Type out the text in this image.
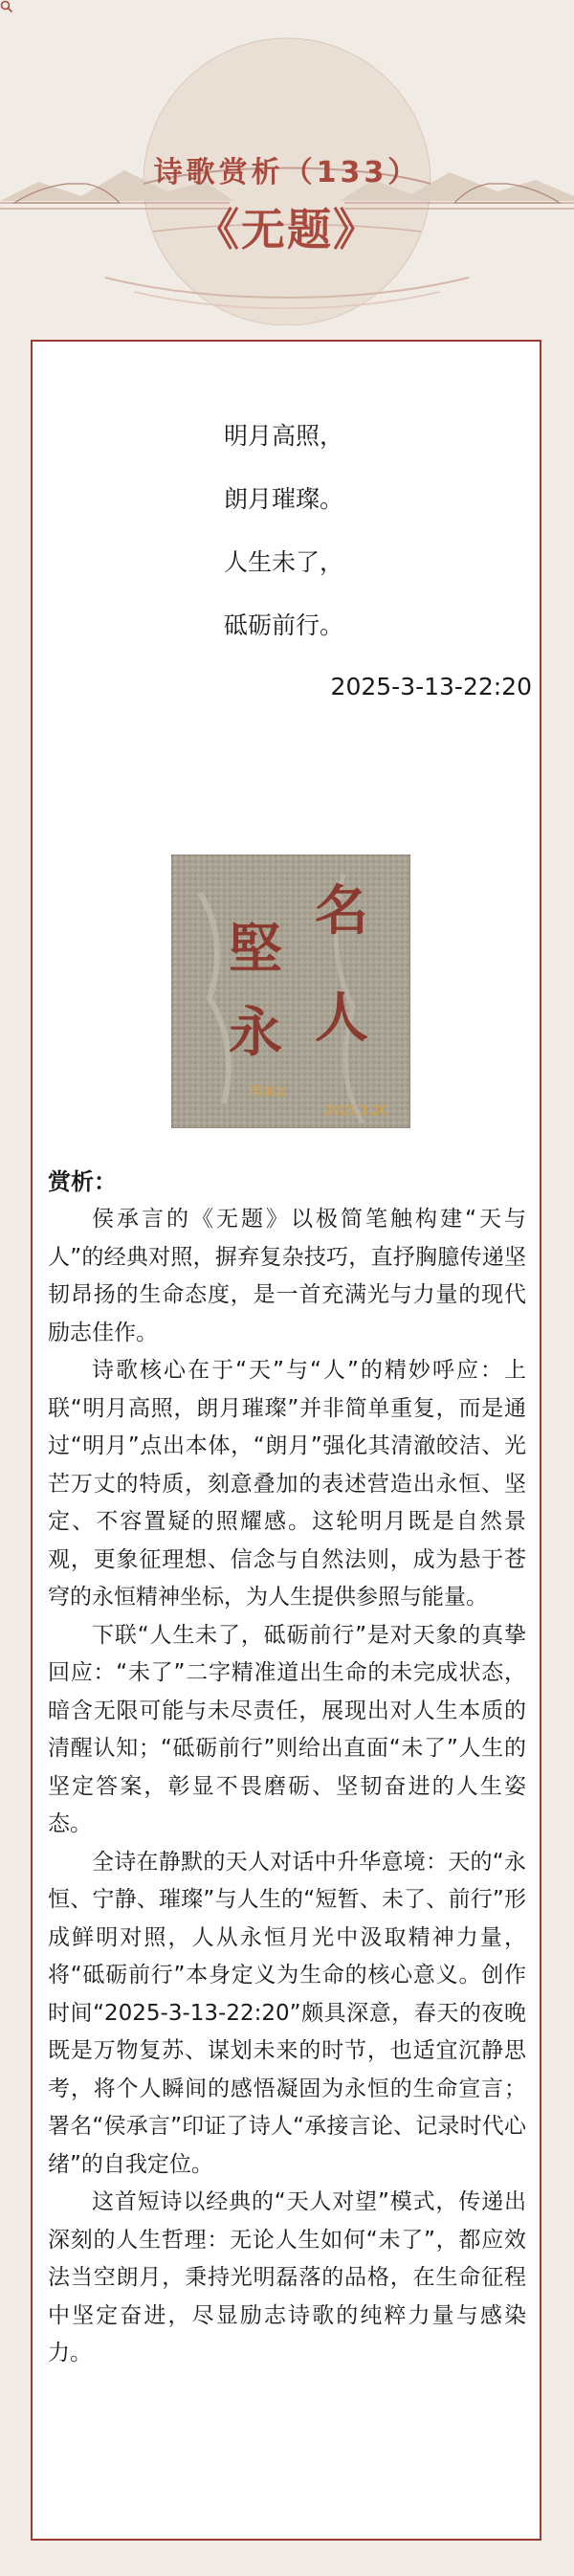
诗歌赏析（133）
《无题》
明月高照，
朗月璀璨。
人生未了，
砥砺前行。
2025-3-13-22:20
名
堅
人
永
侯承言
2025.3.20
赏析：

侯承言的《无题》以极简笔触构建“天与人”的经典对照，摒弃复杂技巧，直抒胸臆传递坚韧昂扬的生命态度，是一首充满光与力量的现代励志佳作。

诗歌核心在于“天”与“人”的精妙呼应：上联“明月高照，朗月璀璨”并非简单重复，而是通过“明月”点出本体，“朗月”强化其清澈皎洁、光芒万丈的特质，刻意叠加的表述营造出永恒、坚定、不容置疑的照耀感。这轮明月既是自然景观，更象征理想、信念与自然法则，成为悬于苍穹的永恒精神坐标，为人生提供参照与能量。

下联“人生未了，砥砺前行”是对天象的真挚回应：“未了”二字精准道出生命的未完成状态，暗含无限可能与未尽责任，展现出对人生本质的清醒认知；“砥砺前行”则给出直面“未了”人生的坚定答案，彰显不畏磨砺、坚韧奋进的人生姿态。

全诗在静默的天人对话中升华意境：天的“永恒、宁静、璀璨”与人生的“短暂、未了、前行”形成鲜明对照，人从永恒月光中汲取精神力量，将“砥砺前行”本身定义为生命的核心意义。创作时间“2025-3-13-22:20”颇具深意，春天的夜晚既是万物复苏、谋划未来的时节，也适宜沉静思考，将个人瞬间的感悟凝固为永恒的生命宣言；署名“侯承言”印证了诗人“承接言论、记录时代心绪”的自我定位。

这首短诗以经典的“天人对望”模式，传递出深刻的人生哲理：无论人生如何“未了”，都应效法当空朗月，秉持光明磊落的品格，在生命征程中坚定奋进，尽显励志诗歌的纯粹力量与感染力。
